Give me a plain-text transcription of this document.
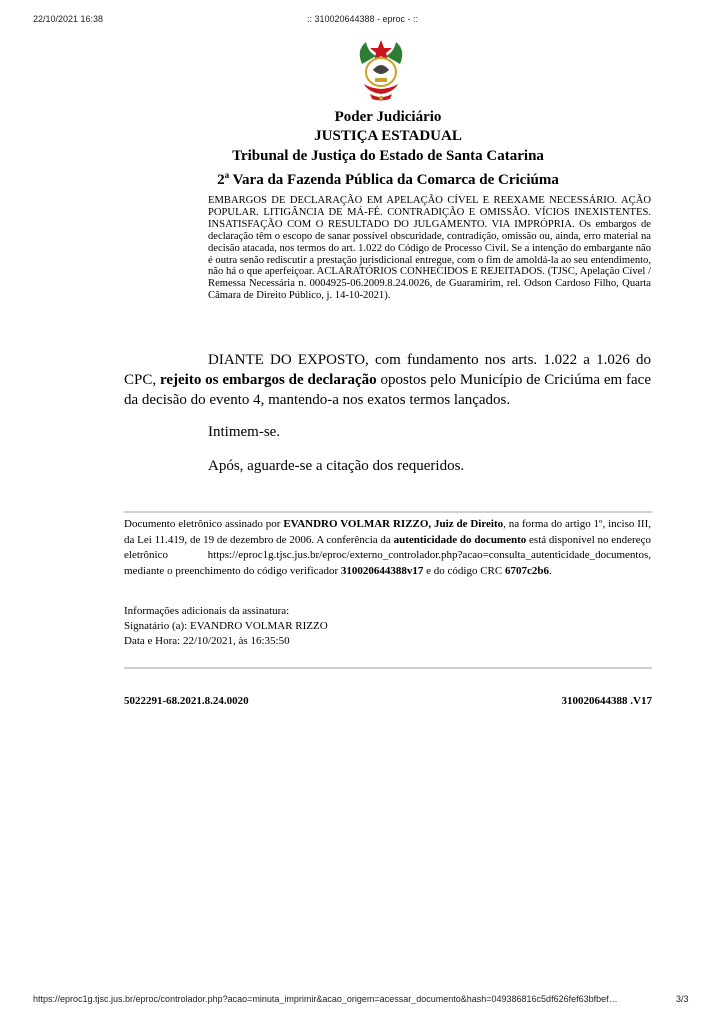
22/10/2021 16:38	:: 310020644388 - eproc - ::
Poder Judiciário
JUSTIÇA ESTADUAL
Tribunal de Justiça do Estado de Santa Catarina
2$^a$ Vara da Fazenda Pública da Comarca de Criciúma

EMBARGOS DE DECLARAÇÃO EM APELAÇÃO CÍVEL E REEXAME NECESSÁRIO. AÇÃO POPULAR. LITIGÂNCIA DE MÁ-FÉ. CONTRADIÇÃO E OMISSÃO. VÍCIOS INEXISTENTES. INSATISFAÇÃO COM O RESULTADO DO JULGAMENTO. VIA IMPRÓPRIA. Os embargos de declaração têm o escopo de sanar possível obscuridade, contradição, omissão ou, ainda, erro material na decisão atacada, nos termos do art. 1.022 do Código de Processo Civil. Se a intenção do embargante não é outra senão rediscutir a prestação jurisdicional entregue, com o fim de amoldá-la ao seu entendimento, não há o que aperfeiçoar. ACLARATÓRIOS CONHECIDOS E REJEITADOS. (TJSC, Apelação Cível / Remessa Necessária n. 0004925-06.2009.8.24.0026, de Guaramirim, rel. Odson Cardoso Filho, Quarta Câmara de Direito Público, j. 14-10-2021).

DIANTE DO EXPOSTO, com fundamento nos arts. 1.022 a 1.026 do CPC, rejeito os embargos de declaração opostos pelo Município de Criciúma em face da decisão do evento 4, mantendo-a nos exatos termos lançados.

Intimem-se.

Após, aguarde-se a citação dos requeridos.

Documento eletrônico assinado por EVANDRO VOLMAR RIZZO, Juiz de Direito, na forma do artigo 1º, inciso III, da Lei 11.419, de 19 de dezembro de 2006. A conferência da autenticidade do documento está disponível no endereço eletrônico https://eproc1g.tjsc.jus.br/eproc/externo_controlador.php?acao=consulta_autenticidade_documentos, mediante o preenchimento do código verificador 310020644388v17 e do código CRC 6707c2b6.

Informações adicionais da assinatura:

Signatário (a): EVANDRO VOLMAR RIZZO

Data e Hora: 22/10/2021, às 16:35:50

5022291-68.2021.8.24.0020	310020644388 .V17
https://eproc1g.tjsc.jus.br/eproc/controlador.php?acao=minuta_imprimir&acao_origem=acessar_documento&hash=049386816c5df626fef63bfbef…	3/3
